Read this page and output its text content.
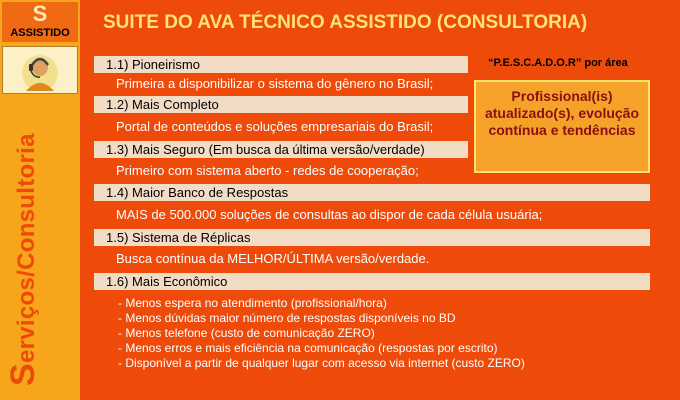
S
ASSISTIDO
Serviços/Consultoria
SUITE DO AVA TÉCNICO ASSISTIDO (CONSULTORIA)
1.1) Pioneirismo
Primeira a disponibilizar o sistema do gênero no Brasil;
1.2) Mais Completo
Portal de conteúdos e soluções empresariais do Brasil;
1.3) Mais Seguro (Em busca da última versão/verdade)
Primeiro com sistema aberto - redes de cooperação;
1.4) Maior Banco de Respostas
MAIS de 500.000 soluções de consultas ao dispor de cada célula usuária;
1.5) Sistema de Réplicas
Busca contínua da MELHOR/ÚLTIMA versão/verdade.
1.6) Mais Econômico
- Menos espera no atendimento (profissional/hora)
- Menos dúvidas maior número de respostas disponíveis no BD
- Menos telefone (custo de comunicação ZERO)
- Menos erros e mais eficiência na comunicação (respostas por escrito)
- Disponível a partir de qualquer lugar com acesso via internet (custo ZERO)
“P.E.S.C.A.D.O.R” por área
Profissional(is) atualizado(s), evolução contínua e tendências
